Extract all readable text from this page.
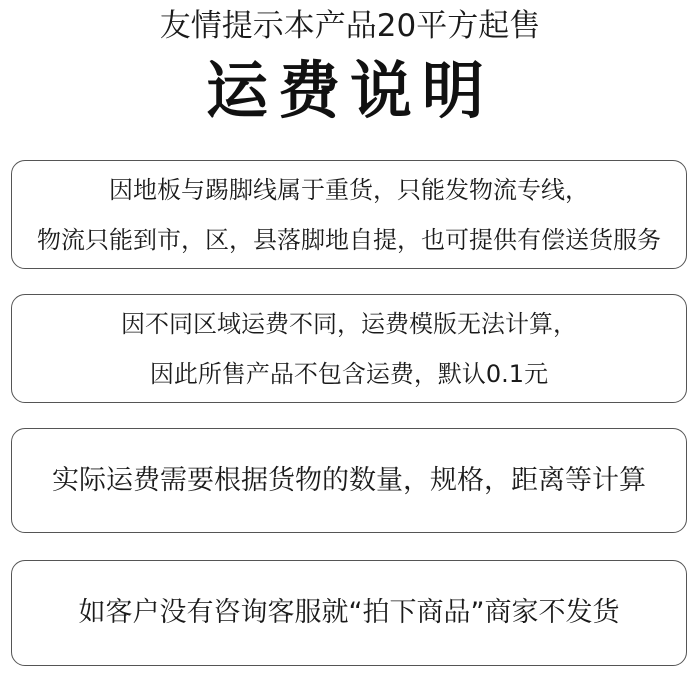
友情提示本产品20平方起售
运费说明

因地板与踢脚线属于重货，只能发物流专线，

物流只能到市，区，县落脚地自提，也可提供有偿送货服务

因不同区域运费不同，运费模版无法计算，

因此所售产品不包含运费，默认0.1元

实际运费需要根据货物的数量，规格，距离等计算

如客户没有咨询客服就“拍下商品”商家不发货
